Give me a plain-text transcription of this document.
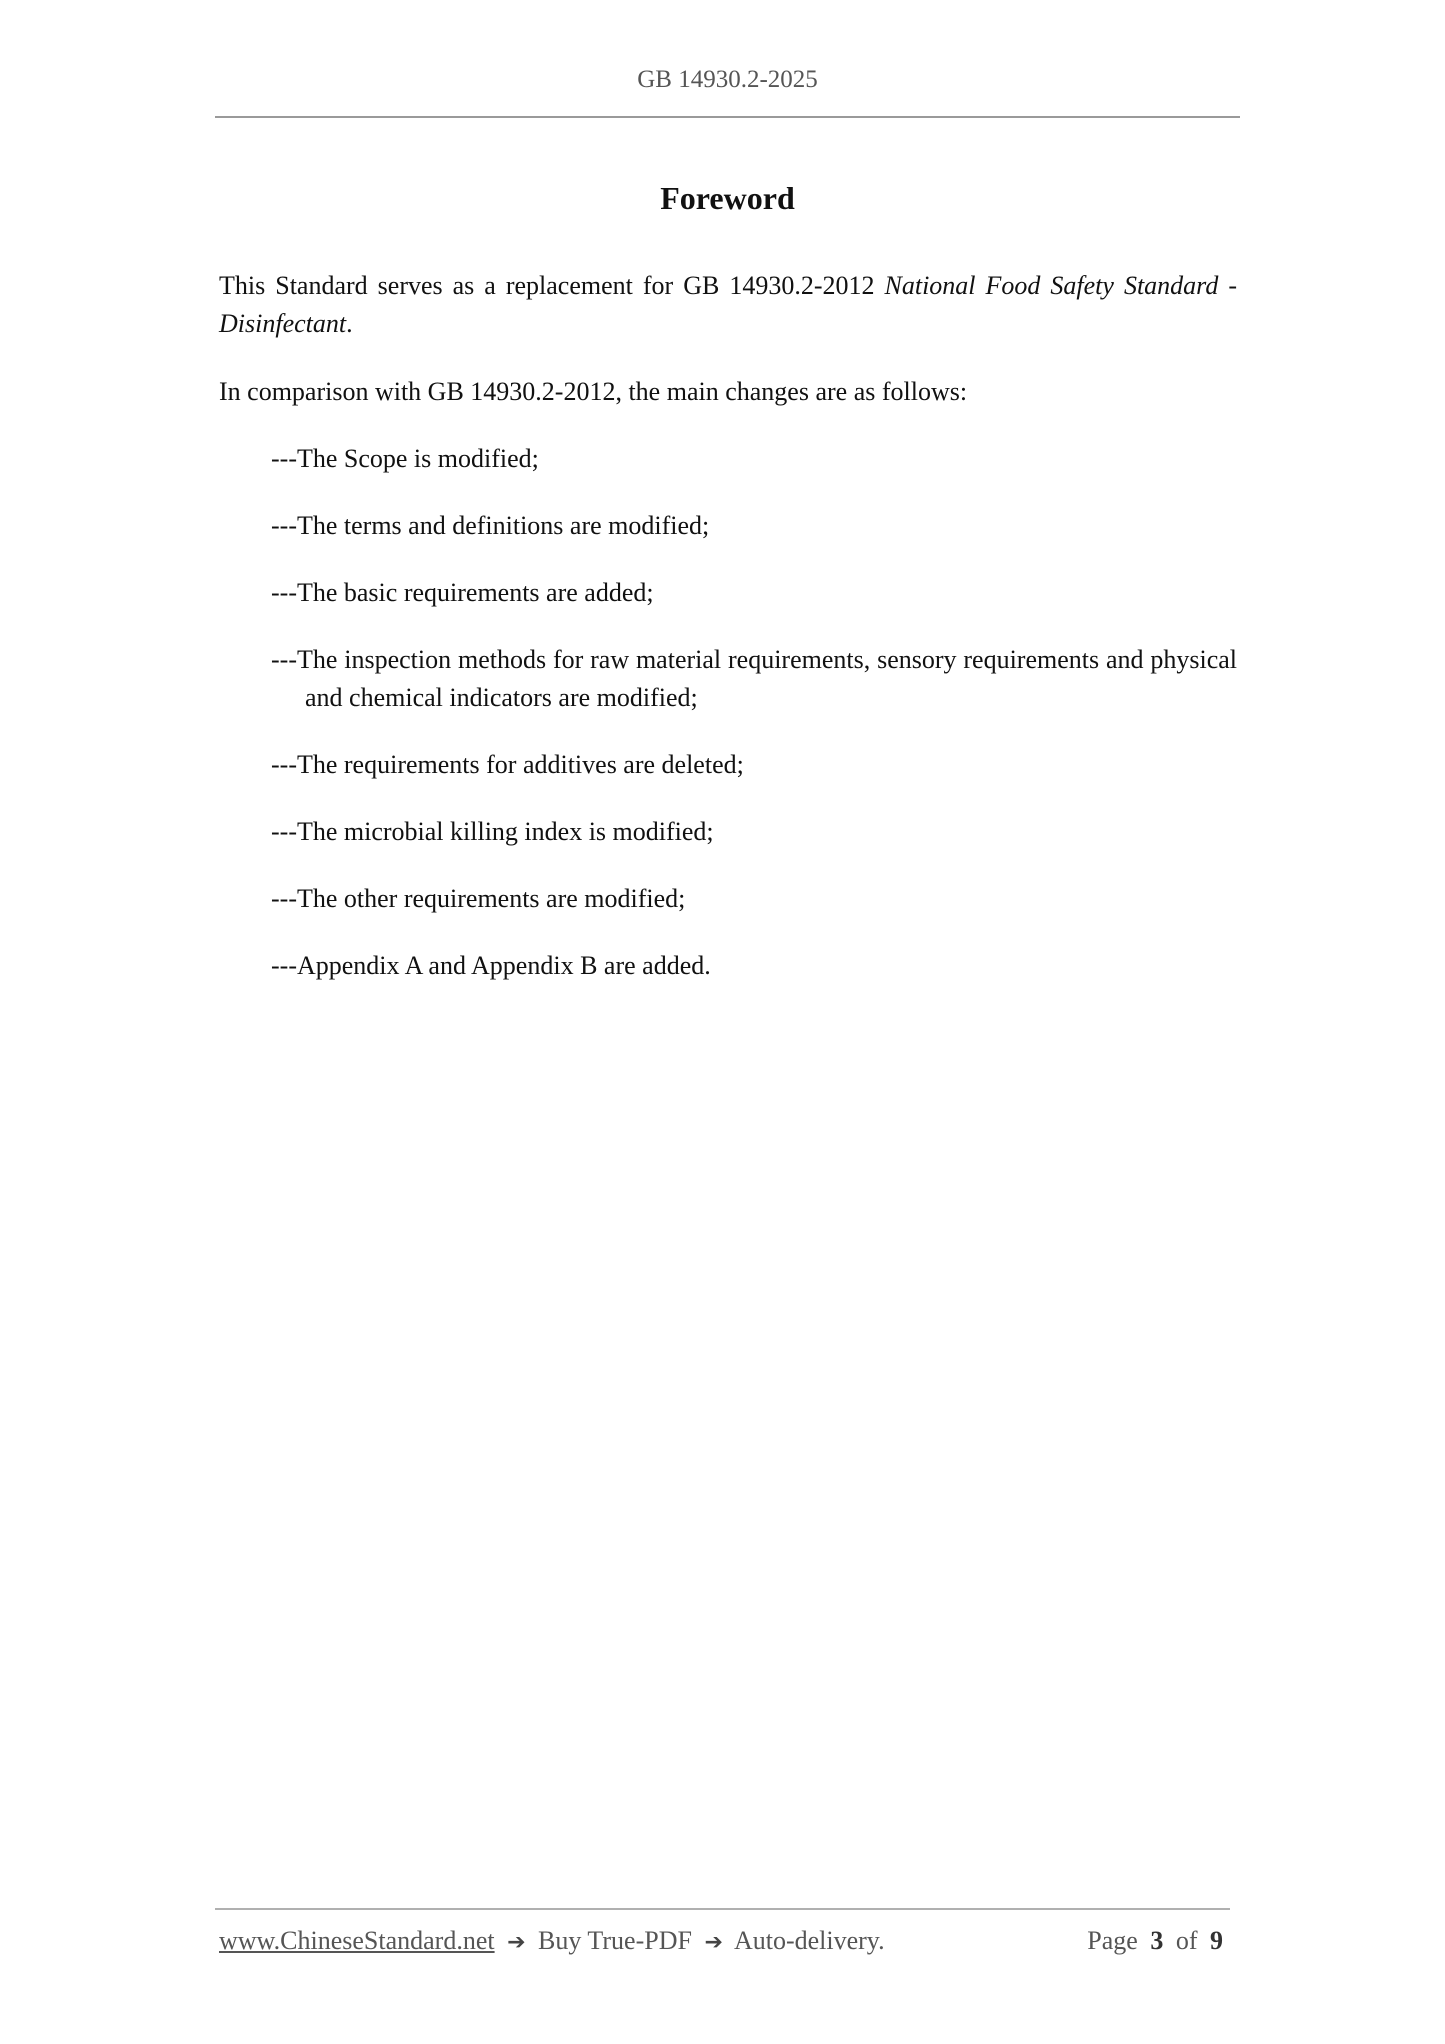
GB 14930.2-2025
Foreword

This Standard serves as a replacement for GB 14930.2-2012 National Food Safety Standard - Disinfectant.

In comparison with GB 14930.2-2012, the main changes are as follows:

---The Scope is modified;
---The terms and definitions are modified;
---The basic requirements are added;
---The inspection methods for raw material requirements, sensory requirements and physical and chemical indicators are modified;
---The requirements for additives are deleted;
---The microbial killing index is modified;
---The other requirements are modified;
---Appendix A and Appendix B are added.
www.ChineseStandard.net ➔ Buy True-PDF ➔ Auto-delivery.	Page 3 of 9
